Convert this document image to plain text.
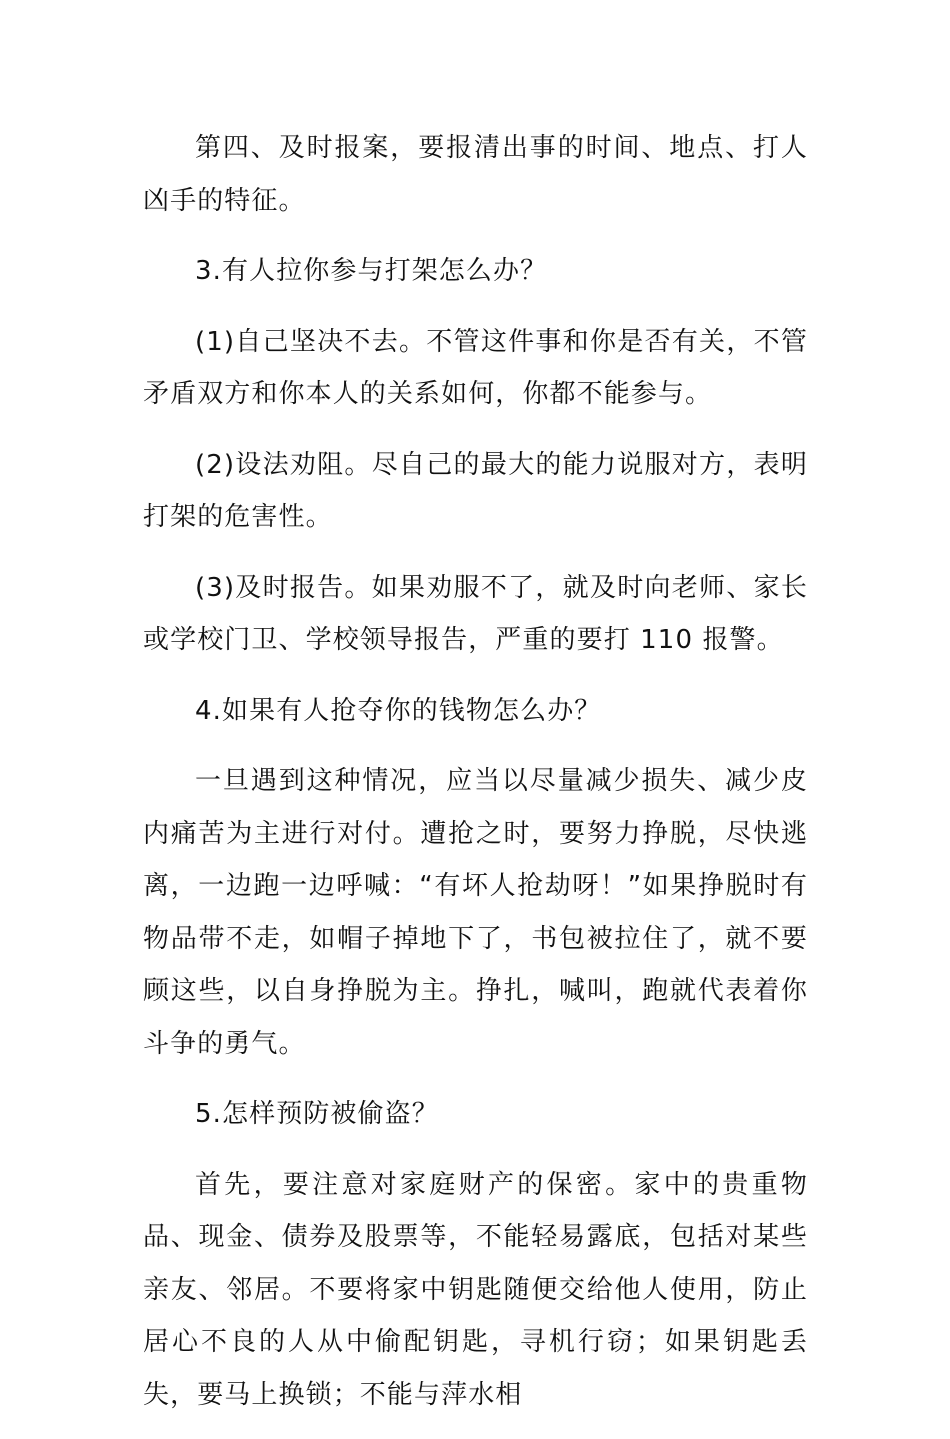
第四、及时报案，要报清出事的时间、地点、打人凶手的特征。

3.有人拉你参与打架怎么办？

(1)自己坚决不去。不管这件事和你是否有关，不管矛盾双方和你本人的关系如何，你都不能参与。

(2)设法劝阻。尽自己的最大的能力说服对方，表明打架的危害性。

(3)及时报告。如果劝服不了，就及时向老师、家长或学校门卫、学校领导报告，严重的要打 110 报警。

4.如果有人抢夺你的钱物怎么办？

一旦遇到这种情况，应当以尽量减少损失、减少皮内痛苦为主进行对付。遭抢之时，要努力挣脱，尽快逃离，一边跑一边呼喊：“有坏人抢劫呀！”如果挣脱时有物品带不走，如帽子掉地下了，书包被拉住了，就不要顾这些，以自身挣脱为主。挣扎，喊叫，跑就代表着你斗争的勇气。

5.怎样预防被偷盗？

首先，要注意对家庭财产的保密。家中的贵重物品、现金、债券及股票等，不能轻易露底，包括对某些亲友、邻居。不要将家中钥匙随便交给他人使用，防止居心不良的人从中偷配钥匙，寻机行窃；如果钥匙丢失，要马上换锁；不能与萍水相
